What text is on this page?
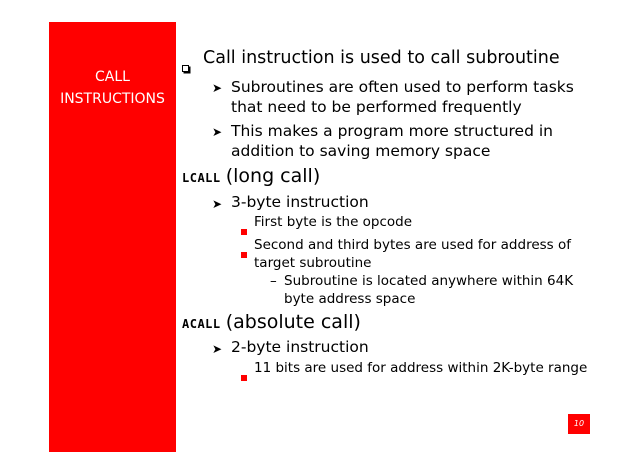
CALL
INSTRUCTIONS
Call instruction is used to call subroutine
➤ Subroutines are often used to perform tasks
that need to be performed frequently
➤ This makes a program more structured in
addition to saving memory space
LCALL (long call)
➤ 3-byte instruction
First byte is the opcode
Second and third bytes are used for address of
target subroutine
– Subroutine is located anywhere within 64K
byte address space
ACALL (absolute call)
➤ 2-byte instruction
11 bits are used for address within 2K-byte range
10
